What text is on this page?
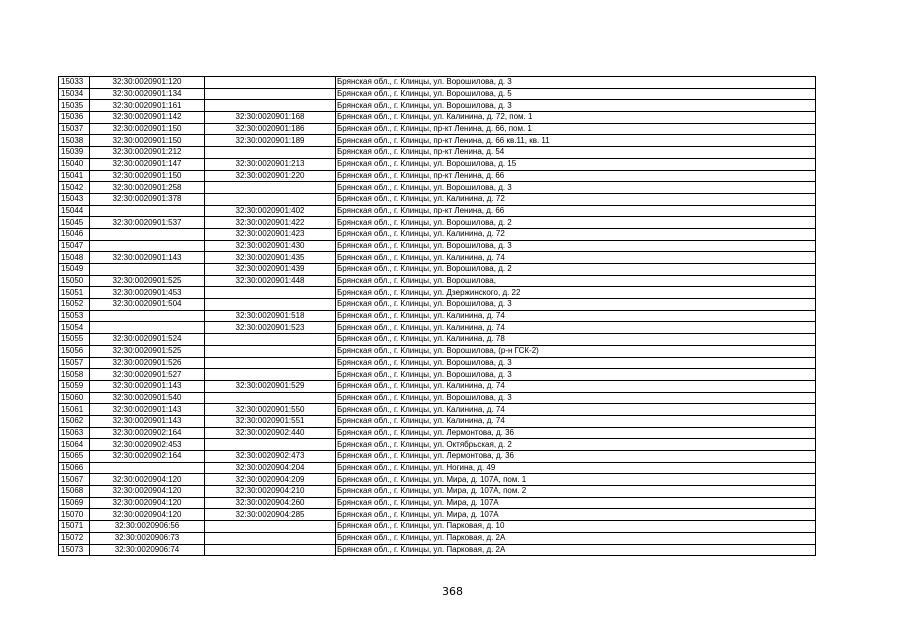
15033	32:30:0020901:120		Брянская обл., г. Клинцы, ул. Ворошилова, д. 3
15034	32:30:0020901:134		Брянская обл., г. Клинцы, ул. Ворошилова, д. 5
15035	32:30:0020901:161		Брянская обл., г. Клинцы, ул. Ворошилова, д. 3
15036	32:30:0020901:142	32:30:0020901:168	Брянская обл., г. Клинцы, ул. Калинина, д. 72, пом. 1
15037	32:30:0020901:150	32:30:0020901:186	Брянская обл., г. Клинцы, пр-кт Ленина, д. 66, пом. 1
15038	32:30:0020901:150	32:30:0020901:189	Брянская обл., г. Клинцы, пр-кт Ленина, д. 66 кв.11, кв. 11
15039	32:30:0020901:212		Брянская обл., г. Клинцы, пр-кт Ленина, д. 54
15040	32:30:0020901:147	32:30:0020901:213	Брянская обл., г. Клинцы, ул. Ворошилова, д. 15
15041	32:30:0020901:150	32:30:0020901:220	Брянская обл., г. Клинцы, пр-кт Ленина, д. 66
15042	32:30:0020901:258		Брянская обл., г. Клинцы, ул. Ворошилова, д. 3
15043	32:30:0020901:378		Брянская обл., г. Клинцы, ул. Калинина, д. 72
15044		32:30:0020901:402	Брянская обл., г. Клинцы, пр-кт Ленина, д. 66
15045	32:30:0020901:537	32:30:0020901:422	Брянская обл., г. Клинцы, ул. Ворошилова, д. 2
15046		32:30:0020901:423	Брянская обл., г. Клинцы, ул. Калинина, д. 72
15047		32:30:0020901:430	Брянская обл., г. Клинцы, ул. Ворошилова, д. 3
15048	32:30:0020901:143	32:30:0020901:435	Брянская обл., г. Клинцы, ул. Калинина, д. 74
15049		32:30:0020901:439	Брянская обл., г. Клинцы, ул. Ворошилова, д. 2
15050	32:30:0020901:525	32:30:0020901:448	Брянская обл., г. Клинцы, ул. Ворошилова,
15051	32:30:0020901:453		Брянская обл., г. Клинцы, ул. Дзержинского, д. 22
15052	32:30:0020901:504		Брянская обл., г. Клинцы, ул. Ворошилова, д. 3
15053		32:30:0020901:518	Брянская обл., г. Клинцы, ул. Калинина, д. 74
15054		32:30:0020901:523	Брянская обл., г. Клинцы, ул. Калинина, д. 74
15055	32:30:0020901:524		Брянская обл., г. Клинцы, ул. Калинина, д. 78
15056	32:30:0020901:525		Брянская обл., г. Клинцы, ул. Ворошилова, (р-н ГСК-2)
15057	32:30:0020901:526		Брянская обл., г. Клинцы, ул. Ворошилова, д. 3
15058	32:30:0020901:527		Брянская обл., г. Клинцы, ул. Ворошилова, д. 3
15059	32:30:0020901:143	32:30:0020901:529	Брянская обл., г. Клинцы, ул. Калинина, д. 74
15060	32:30:0020901:540		Брянская обл., г. Клинцы, ул. Ворошилова, д. 3
15061	32:30:0020901:143	32:30:0020901:550	Брянская обл., г. Клинцы, ул. Калинина, д. 74
15062	32:30:0020901:143	32:30:0020901:551	Брянская обл., г. Клинцы, ул. Калинина, д. 74
15063	32:30:0020902:164	32:30:0020902:440	Брянская обл., г. Клинцы, ул. Лермонтова, д. 36
15064	32:30:0020902:453		Брянская обл., г. Клинцы, ул. Октябрьская, д. 2
15065	32:30:0020902:164	32:30:0020902:473	Брянская обл., г. Клинцы, ул. Лермонтова, д. 36
15066		32:30:0020904:204	Брянская обл., г. Клинцы, ул. Ногина, д. 49
15067	32:30:0020904:120	32:30:0020904:209	Брянская обл., г. Клинцы, ул. Мира, д. 107А, пом. 1
15068	32:30:0020904:120	32:30:0020904:210	Брянская обл., г. Клинцы, ул. Мира, д. 107А, пом. 2
15069	32:30:0020904:120	32:30:0020904:260	Брянская обл., г. Клинцы, ул. Мира, д. 107А
15070	32:30:0020904:120	32:30:0020904:285	Брянская обл., г. Клинцы, ул. Мира, д. 107А
15071	32:30:0020906:56		Брянская обл., г. Клинцы, ул. Парковая, д. 10
15072	32:30:0020906:73		Брянская обл., г. Клинцы, ул. Парковая, д. 2А
15073	32:30:0020906:74		Брянская обл., г. Клинцы, ул. Парковая, д. 2А
368
